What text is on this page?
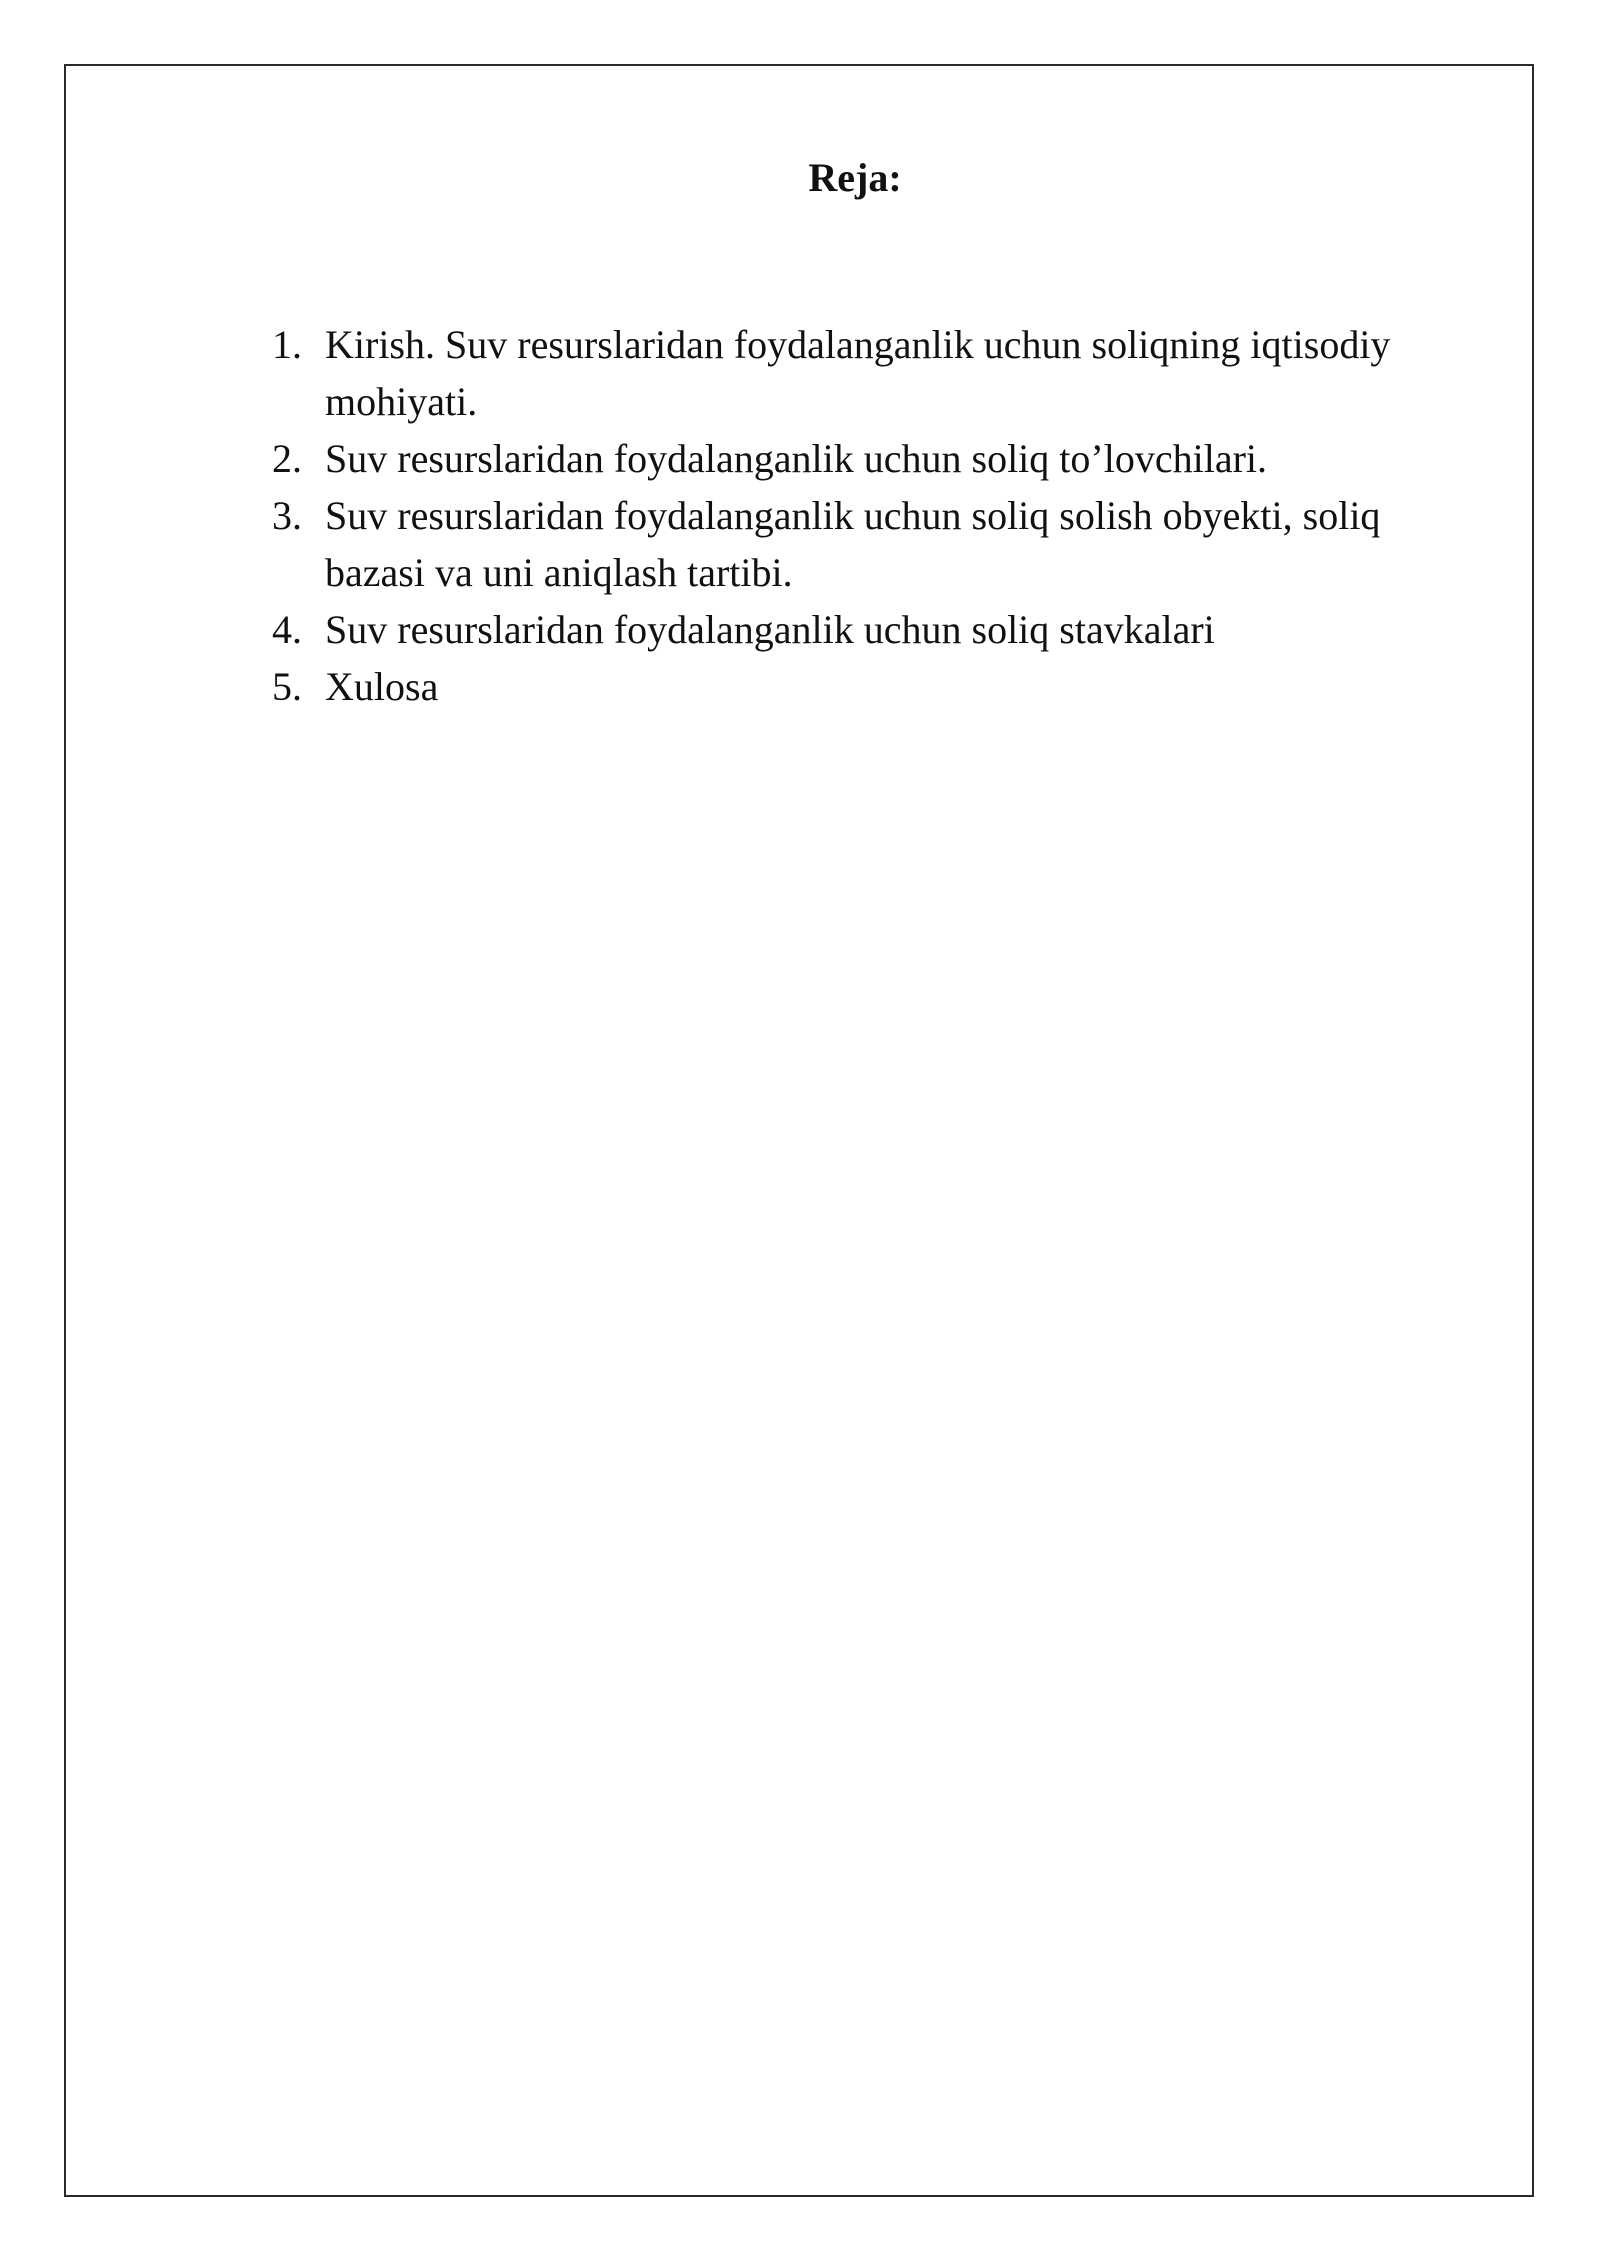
Reja:
1. Kirish. Suv resurslaridan foydalanganlik uchun soliqning iqtisodiy mohiyati.
2. Suv resurslaridan foydalanganlik uchun soliq to’lovchilari.
3. Suv resurslaridan foydalanganlik uchun soliq solish obyekti, soliq bazasi va uni aniqlash tartibi.
4. Suv resurslaridan foydalanganlik uchun soliq stavkalari
5. Xulosa
